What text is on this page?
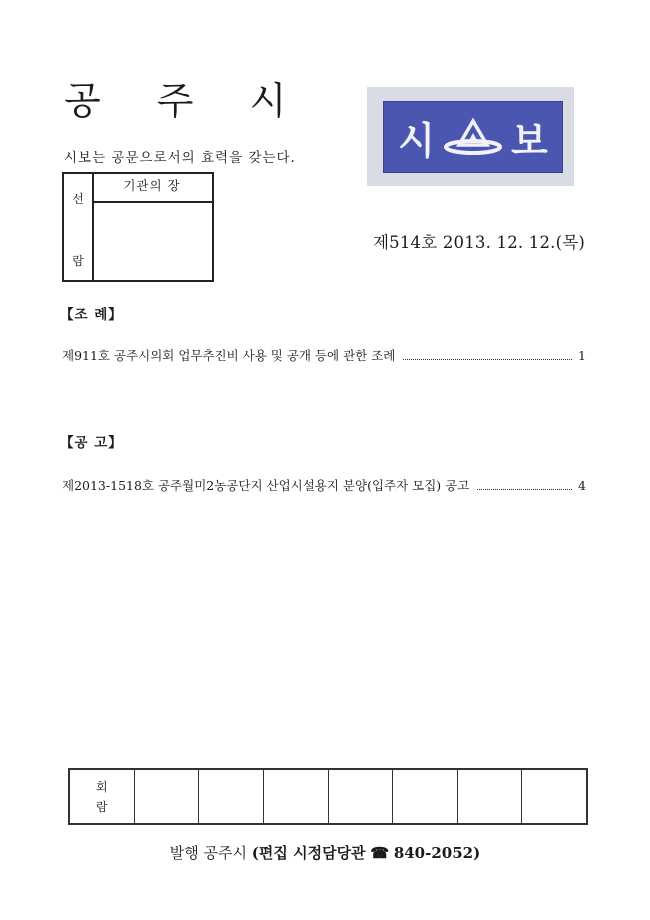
공 주 시
시보는 공문으로서의 효력을 갖는다.
선
람
기관의 장
시 보
제514호 2013. 12. 12.(목)
【조 례】
제911호 공주시의회 업무추진비 사용 및 공개 등에 관한 조례	1
【공 고】
제2013-1518호 공주월미2농공단지 산업시설용지 분양(입주자 모집) 공고	4
회
람
발행 공주시 (편집 시정담당관 ☎ 840-2052)
